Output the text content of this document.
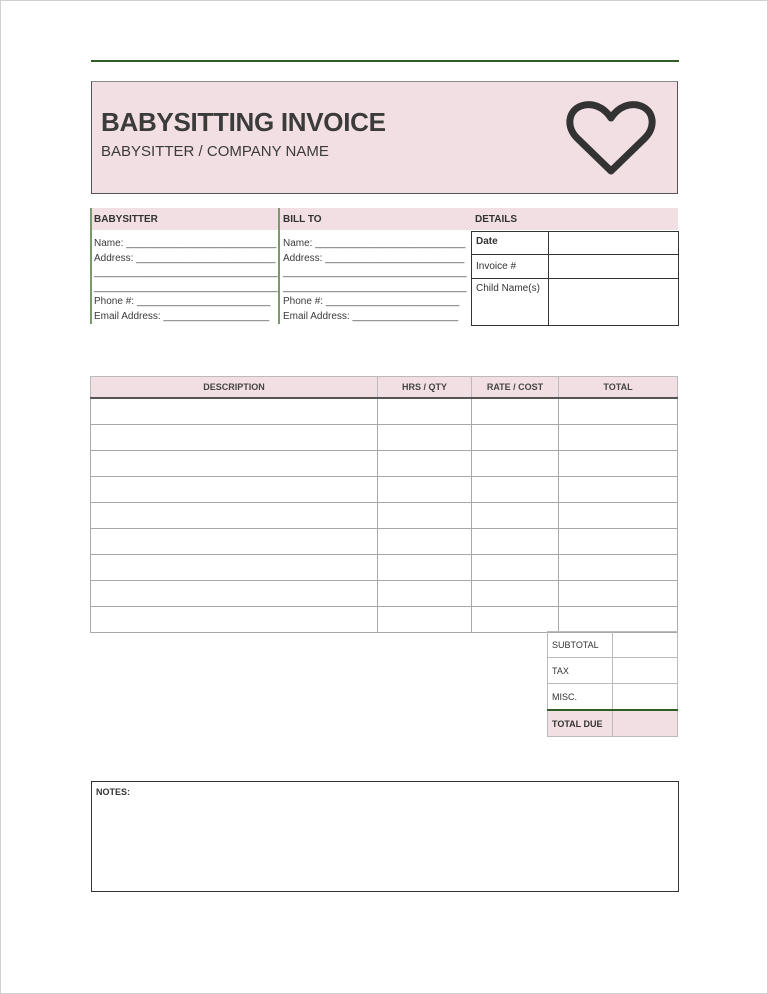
BABYSITTING INVOICE
BABYSITTER / COMPANY NAME
BABYSITTER	BILL TO	DETAILS
Name: ___________________________
Address: _________________________
_________________________________
_________________________________
Phone #: ________________________
Email Address: ___________________
Name: ___________________________
Address: _________________________
_________________________________
_________________________________
Phone #: ________________________
Email Address: ___________________
Date	
Invoice #	
Child Name(s)	
DESCRIPTION	HRS / QTY	RATE / COST	TOTAL

SUBTOTAL	
TAX	
MISC.	
TOTAL DUE	
NOTES:
